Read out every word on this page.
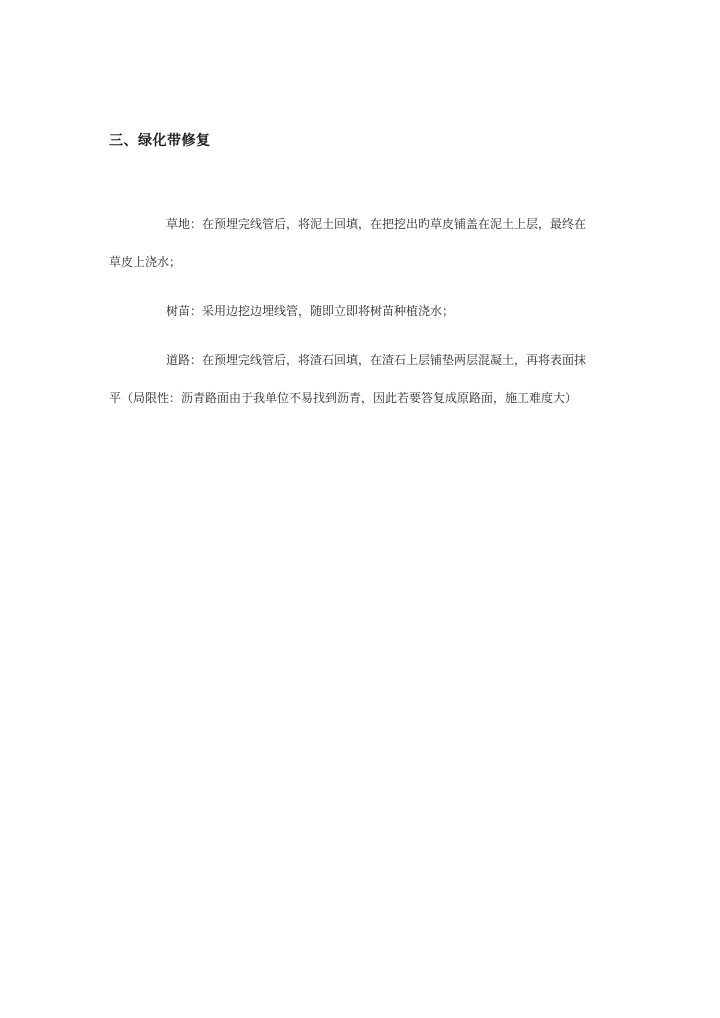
三、绿化带修复
草地：在预埋完线管后，将泥土回填，在把挖出旳草皮铺盖在泥土上层，最终在
草皮上浇水；
树苗：采用边挖边埋线管，随即立即将树苗种植浇水；
道路：在预埋完线管后，将渣石回填，在渣石上层铺垫两层混凝土，再将表面抹
平（局限性：沥青路面由于我单位不易找到沥青，因此若要答复成原路面，施工难度大）
